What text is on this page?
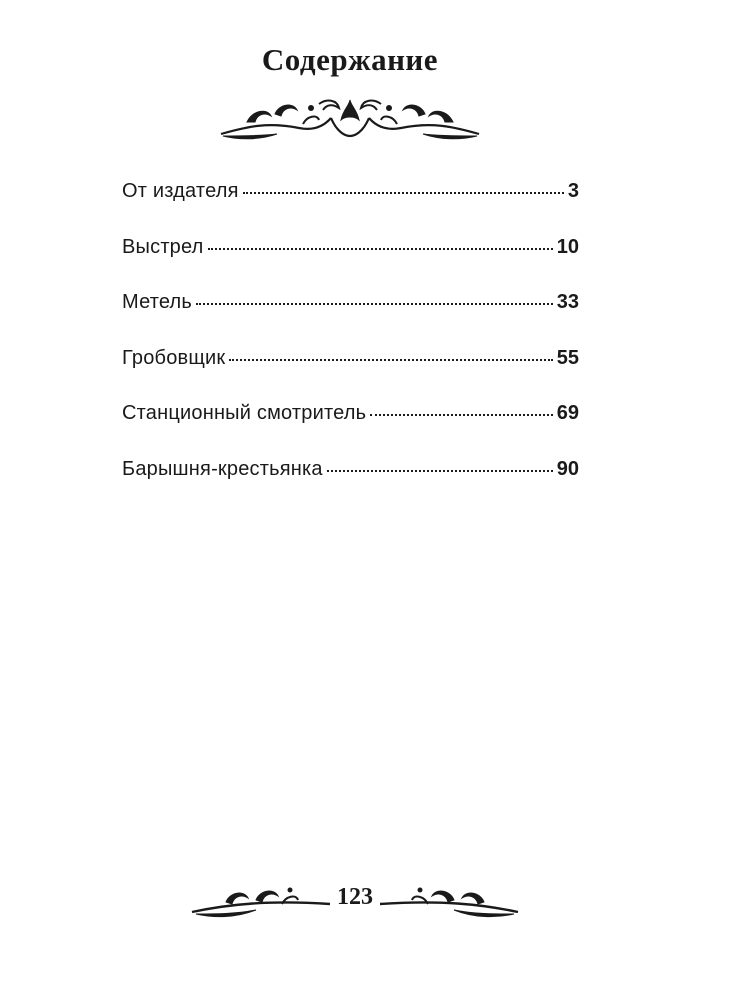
Содержание
От издателя	3
Выстрел	10
Метель	33
Гробовщик	55
Станционный смотритель	69
Барышня-крестьянка	90
123
